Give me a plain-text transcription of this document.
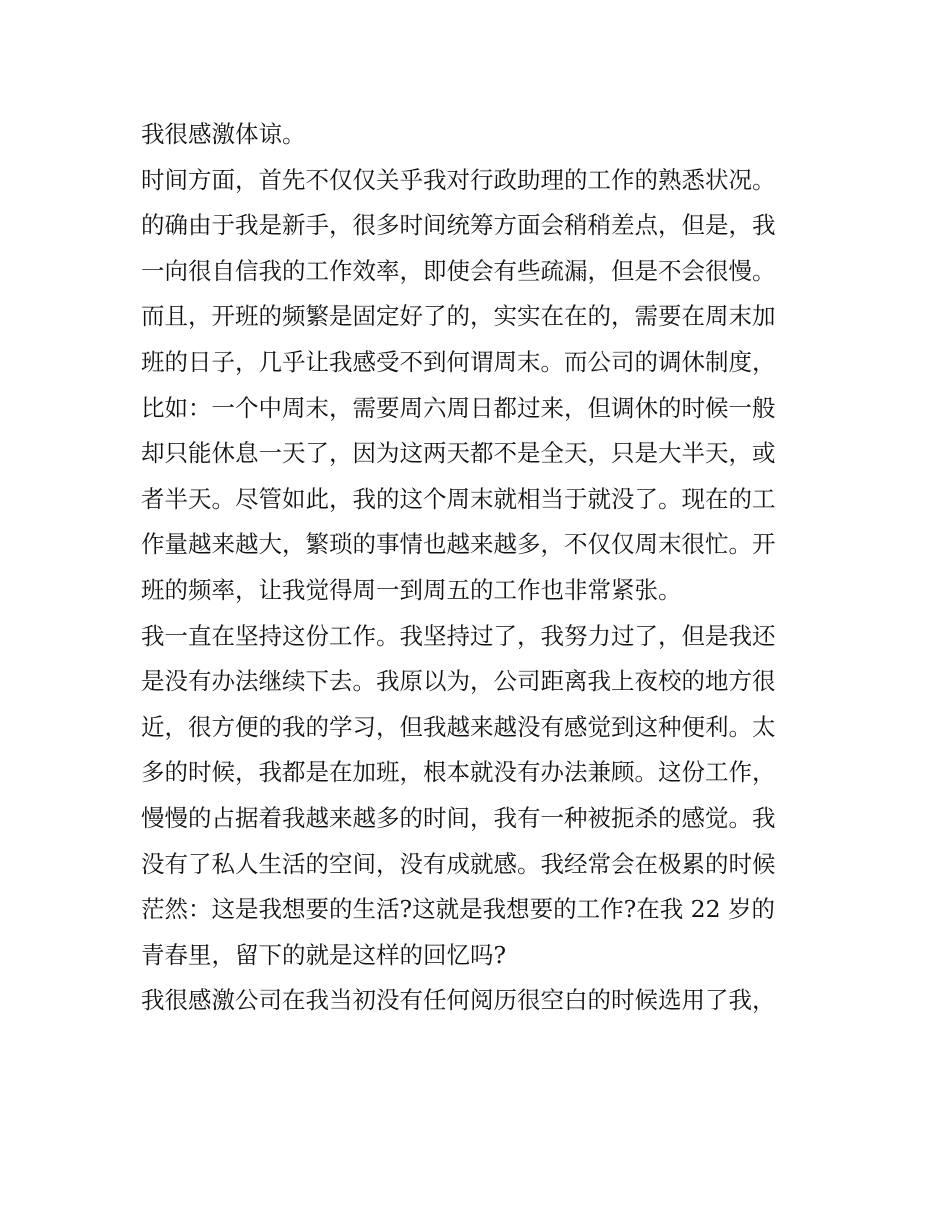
我很感激体谅。

时间方面，首先不仅仅关乎我对行政助理的工作的熟悉状况。

的确由于我是新手，很多时间统筹方面会稍稍差点，但是，我

一向很自信我的工作效率，即使会有些疏漏，但是不会很慢。

而且，开班的频繁是固定好了的，实实在在的，需要在周末加

班的日子，几乎让我感受不到何谓周末。而公司的调休制度，

比如：一个中周末，需要周六周日都过来，但调休的时候一般

却只能休息一天了，因为这两天都不是全天，只是大半天，或

者半天。尽管如此，我的这个周末就相当于就没了。现在的工

作量越来越大，繁琐的事情也越来越多，不仅仅周末很忙。开

班的频率，让我觉得周一到周五的工作也非常紧张。

我一直在坚持这份工作。我坚持过了，我努力过了，但是我还

是没有办法继续下去。我原以为，公司距离我上夜校的地方很

近，很方便的我的学习，但我越来越没有感觉到这种便利。太

多的时候，我都是在加班，根本就没有办法兼顾。这份工作，

慢慢的占据着我越来越多的时间，我有一种被扼杀的感觉。我

没有了私人生活的空间，没有成就感。我经常会在极累的时候

茫然：这是我想要的生活?这就是我想要的工作?在我 22 岁的

青春里，留下的就是这样的回忆吗?

我很感激公司在我当初没有任何阅历很空白的时候选用了我，
